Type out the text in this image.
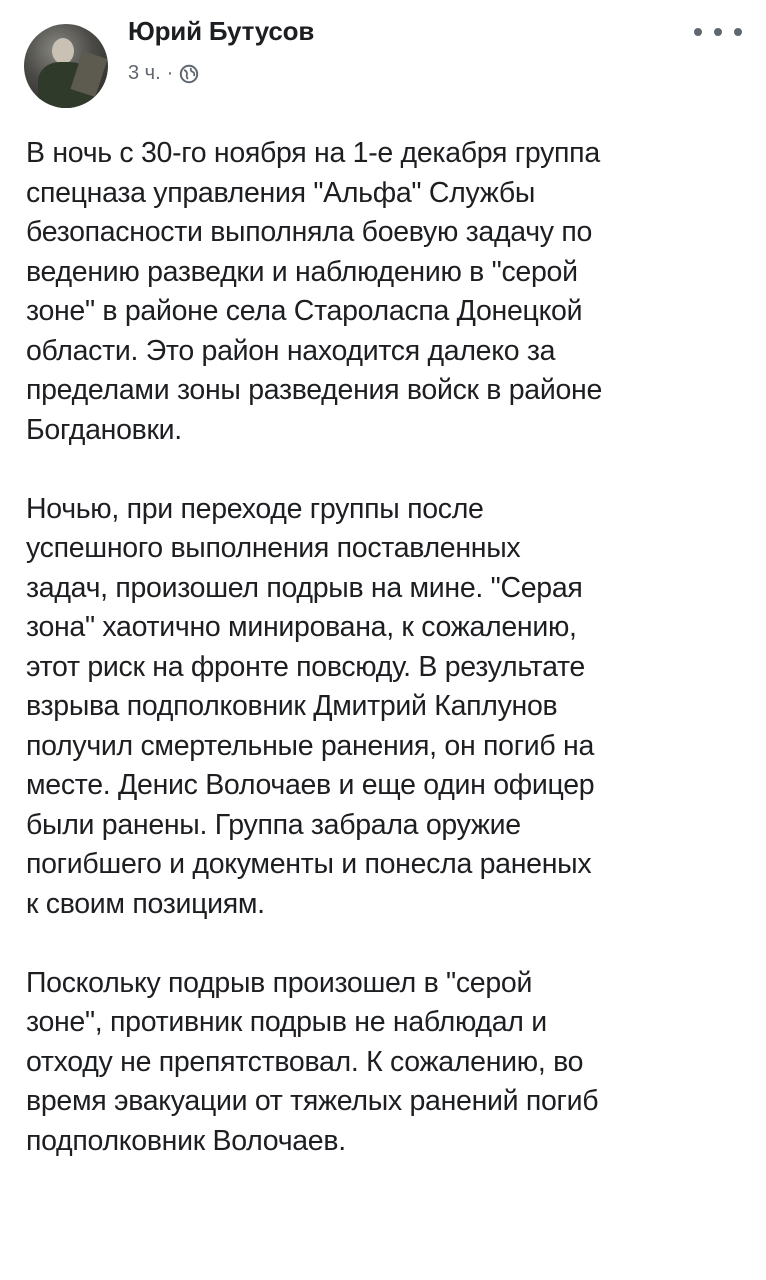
Юрий Бутусов
3 ч. ·

В ночь с 30-го ноября на 1-е декабря группа
спецназа управления "Альфа" Службы
безопасности выполняла боевую задачу по
ведению разведки и наблюдению в "серой
зоне" в районе села Староласпа Донецкой
области. Это район находится далеко за
пределами зоны разведения войск в районе
Богдановки.

Ночью, при переходе группы после
успешного выполнения поставленных
задач, произошел подрыв на мине. "Серая
зона" хаотично минирована, к сожалению,
этот риск на фронте повсюду. В результате
взрыва подполковник Дмитрий Каплунов
получил смертельные ранения, он погиб на
месте. Денис Волочаев и еще один офицер
были ранены. Группа забрала оружие
погибшего и документы и понесла раненых
к своим позициям.

Поскольку подрыв произошел в "серой
зоне", противник подрыв не наблюдал и
отходу не препятствовал. К сожалению, во
время эвакуации от тяжелых ранений погиб
подполковник Волочаев.
